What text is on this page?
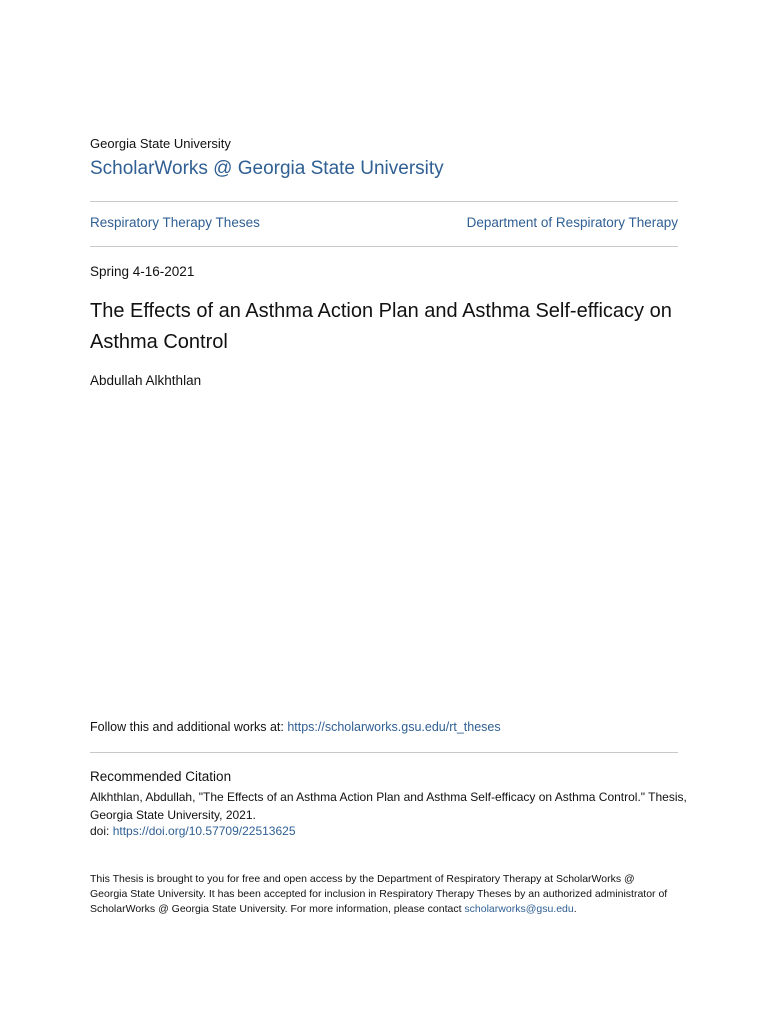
Georgia State University
ScholarWorks @ Georgia State University
Respiratory Therapy Theses	Department of Respiratory Therapy
Spring 4-16-2021
The Effects of an Asthma Action Plan and Asthma Self-efficacy on Asthma Control
Abdullah Alkhthlan
Follow this and additional works at: https://scholarworks.gsu.edu/rt_theses
Recommended Citation
Alkhthlan, Abdullah, "The Effects of an Asthma Action Plan and Asthma Self-efficacy on Asthma Control." Thesis, Georgia State University, 2021.
doi: https://doi.org/10.57709/22513625
This Thesis is brought to you for free and open access by the Department of Respiratory Therapy at ScholarWorks @ Georgia State University. It has been accepted for inclusion in Respiratory Therapy Theses by an authorized administrator of ScholarWorks @ Georgia State University. For more information, please contact scholarworks@gsu.edu.
